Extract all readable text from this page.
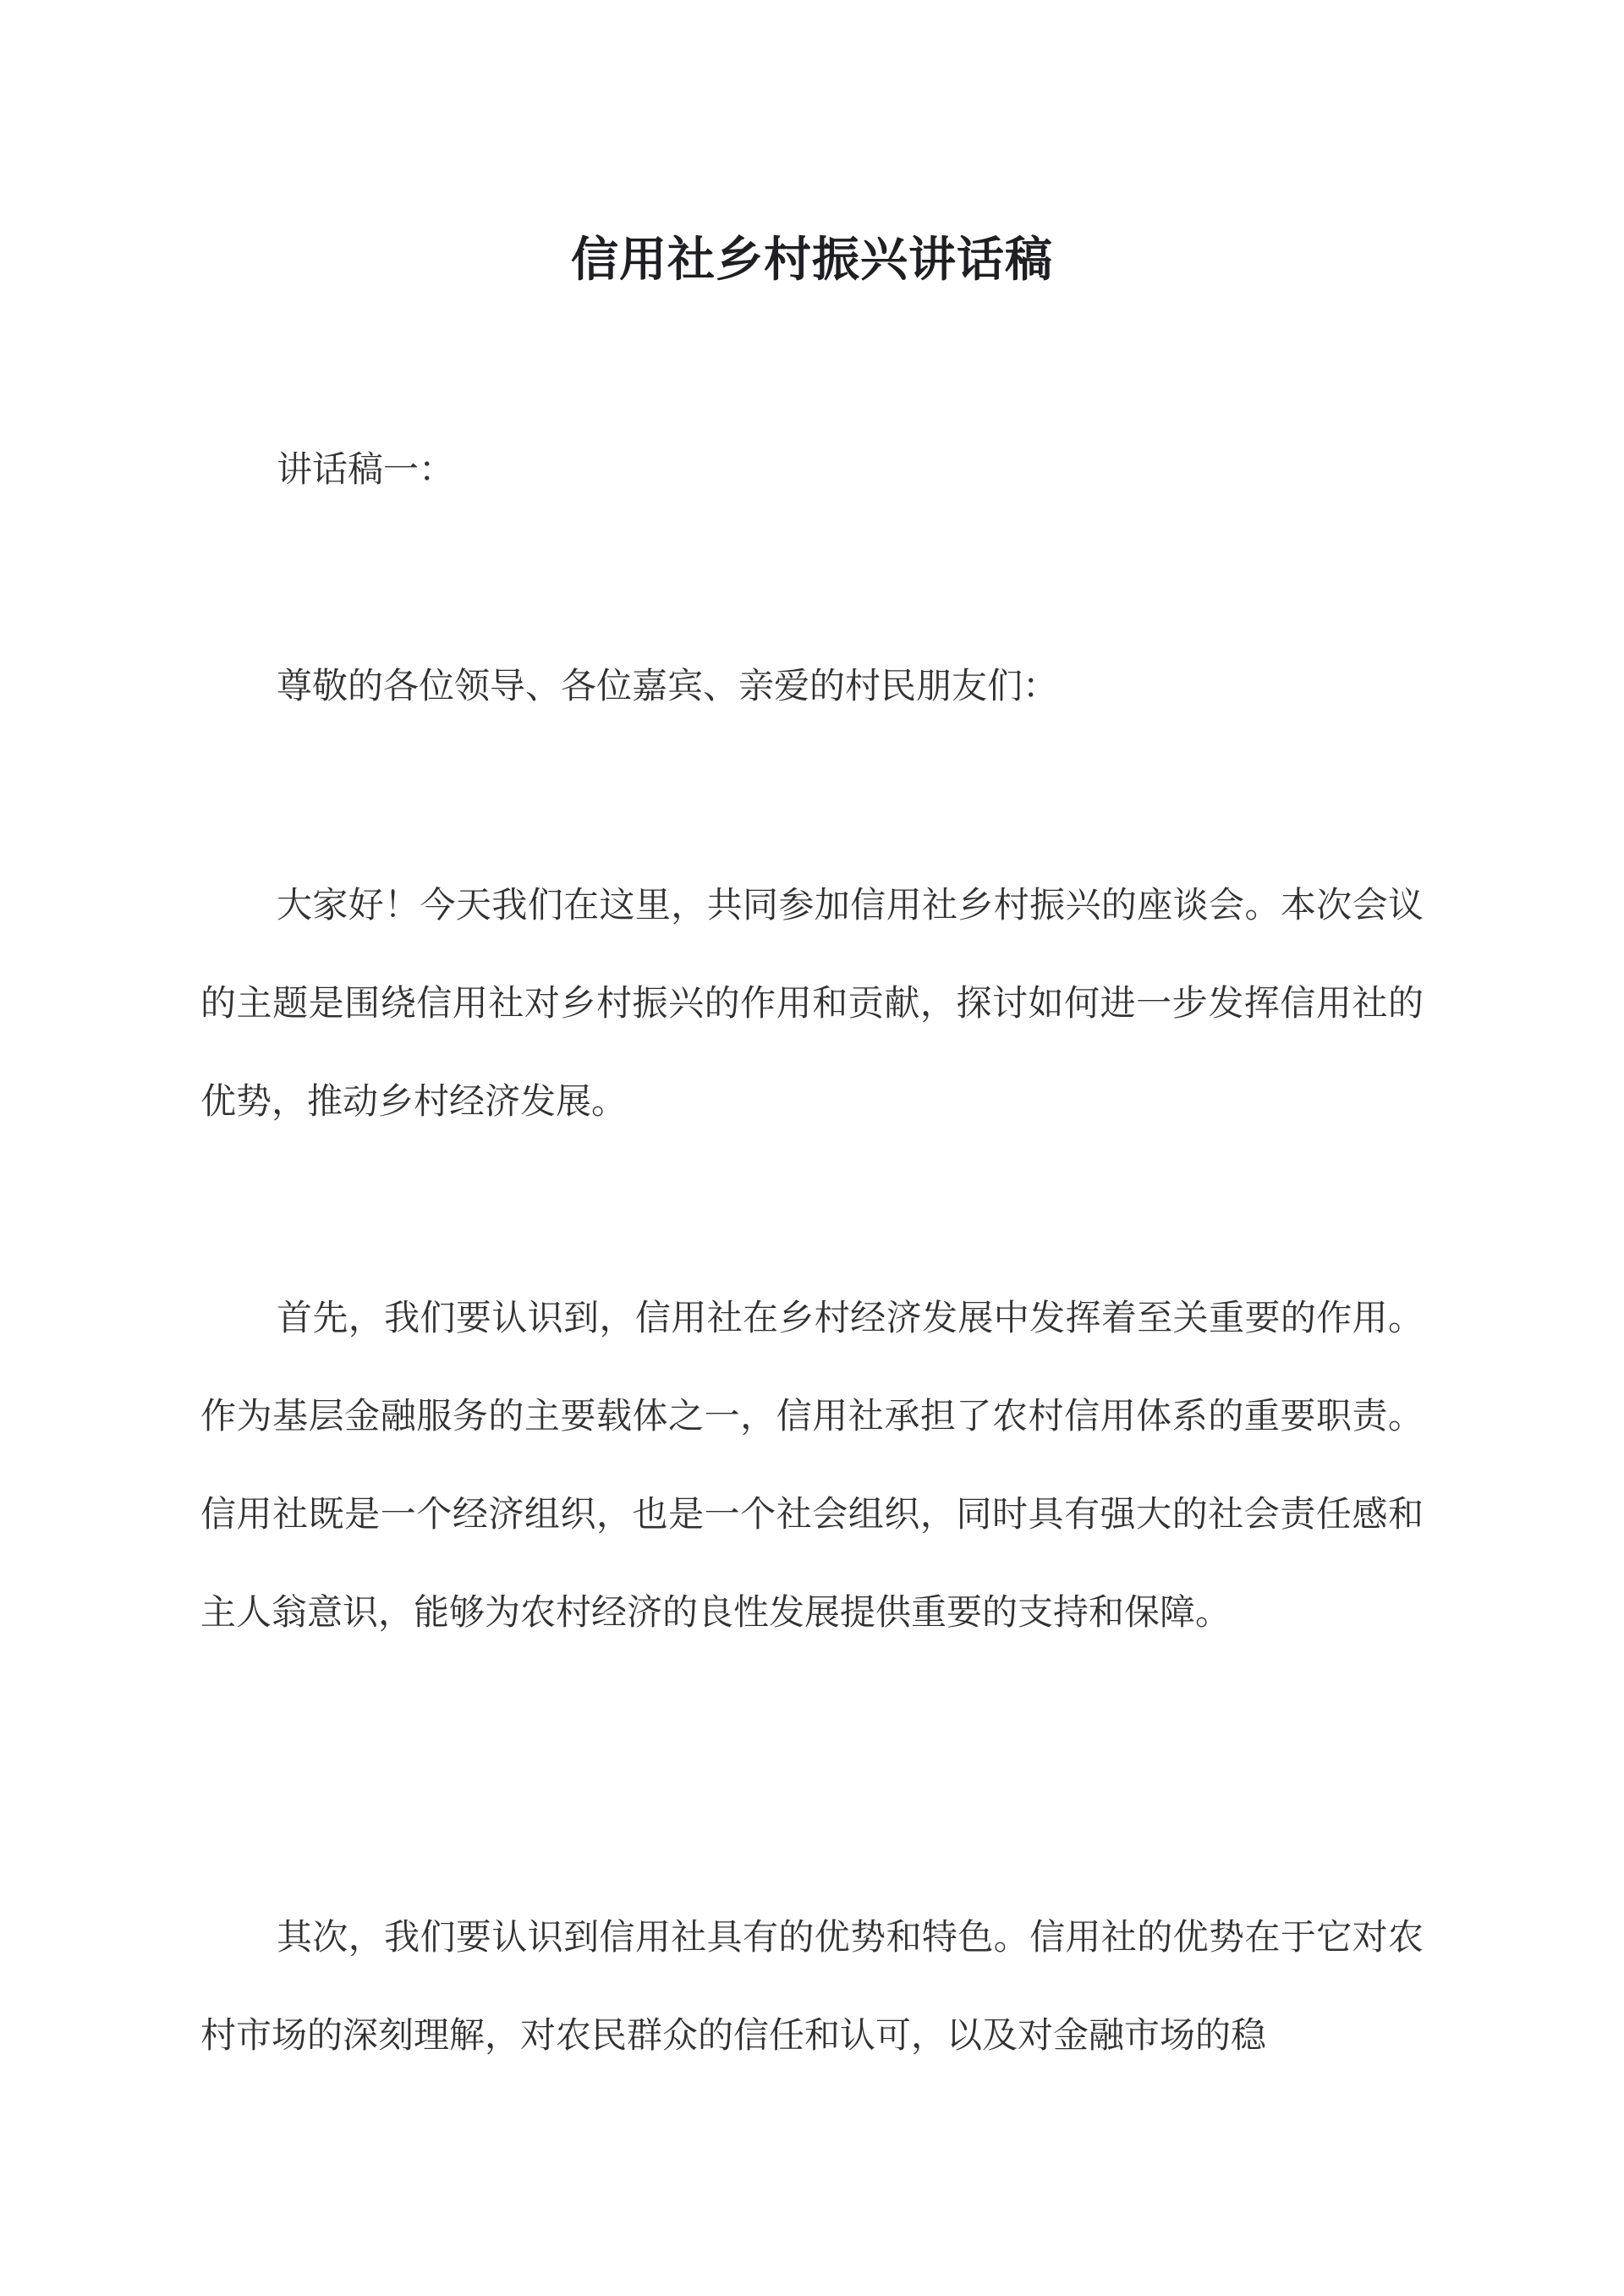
信用社乡村振兴讲话稿

讲话稿一：

尊敬的各位领导、各位嘉宾、亲爱的村民朋友们：

大家好！今天我们在这里，共同参加信用社乡村振兴的座谈会。本次会议的主题是围绕信用社对乡村振兴的作用和贡献，探讨如何进一步发挥信用社的优势，推动乡村经济发展。

首先，我们要认识到，信用社在乡村经济发展中发挥着至关重要的作用。作为基层金融服务的主要载体之一，信用社承担了农村信用体系的重要职责。信用社既是一个经济组织，也是一个社会组织，同时具有强大的社会责任感和主人翁意识，能够为农村经济的良性发展提供重要的支持和保障。

其次，我们要认识到信用社具有的优势和特色。信用社的优势在于它对农村市场的深刻理解，对农民群众的信任和认可，以及对金融市场的稳
